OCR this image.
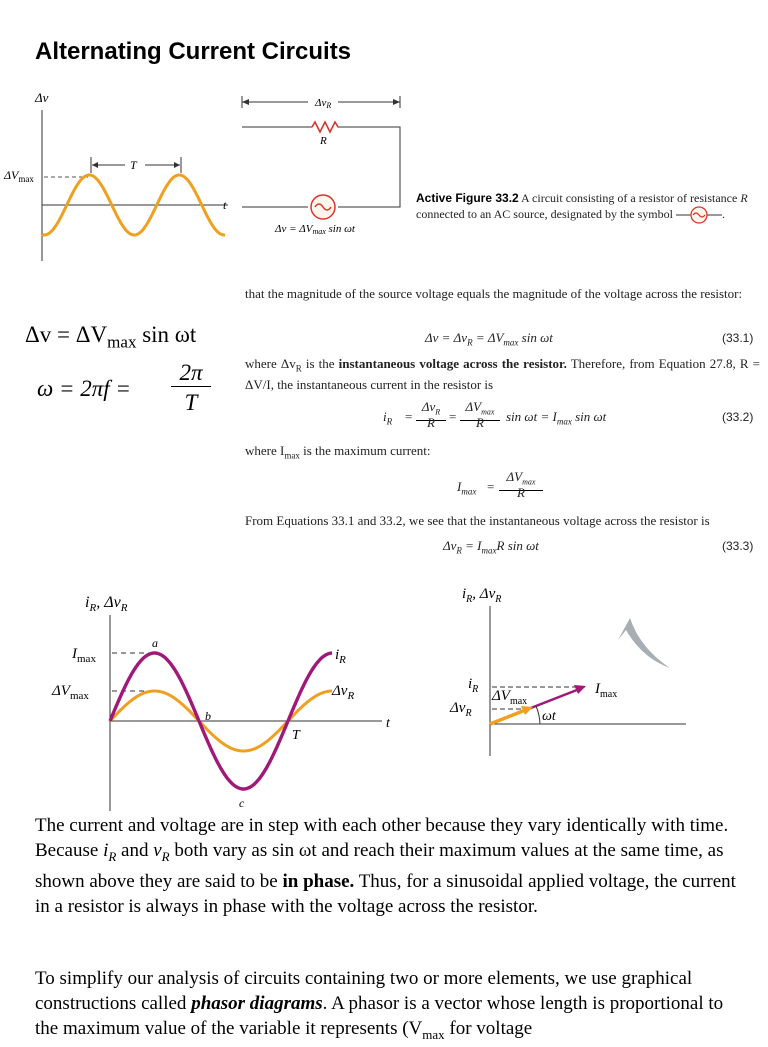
Alternating Current Circuits
Δv
t
$\Delta V_{max}$
T
ΔvR
R
Δv = ΔVmax sin ωt
Active Figure 33.2 A circuit consisting of a resistor of resistance R connected to an AC source, designated by the symbol	.
$\Delta v = \Delta V_{max}$ sin ωt
ω = 2πf =
2π
T
that the magnitude of the source voltage equals the magnitude of the voltage across the resistor:
$\Delta v = \Delta v_R = \Delta V_{max}$ sin ωt	(33.1)
where $\Delta v_R$ is the instantaneous voltage across the resistor. Therefore, from Equation 27.8, R = ΔV/I, the instantaneous current in the resistor is
$i_R$ =
$\Delta v_R$
R	=
$\Delta V_{max}$
R	$\sin \omega t = I_{max}$ sin ωt	(33.2)
where $I_{max}$ is the maximum current:
$I_{max}$ =
$\Delta V_{max}$
R
From Equations 33.1 and 33.2, we see that the instantaneous voltage across the resistor is
$\Delta v_R = I_{max}R$ sin ωt	(33.3)
$i_R$, $\Delta v_R$
t
$I_{max}$
$\Delta V_{max}$
a
b
c
T
$i_R$
$\Delta v_R$
$i_R$, $\Delta v_R$
ωt
$i_R$
$\Delta v_R$
$\Delta V_{max}$
$I_{max}$
The current and voltage are in step with each other because they vary identically with time. Because $i_R$ and $v_R$ both vary as sin ωt and reach their maximum values at the same time, as shown above they are said to be in phase. Thus, for a sinusoidal applied voltage, the current in a resistor is always in phase with the voltage across the resistor.
To simplify our analysis of circuits containing two or more elements, we use graphical constructions called phasor diagrams. A phasor is a vector whose length is proportional to the maximum value of the variable it represents ($V_{max}$ for voltage
